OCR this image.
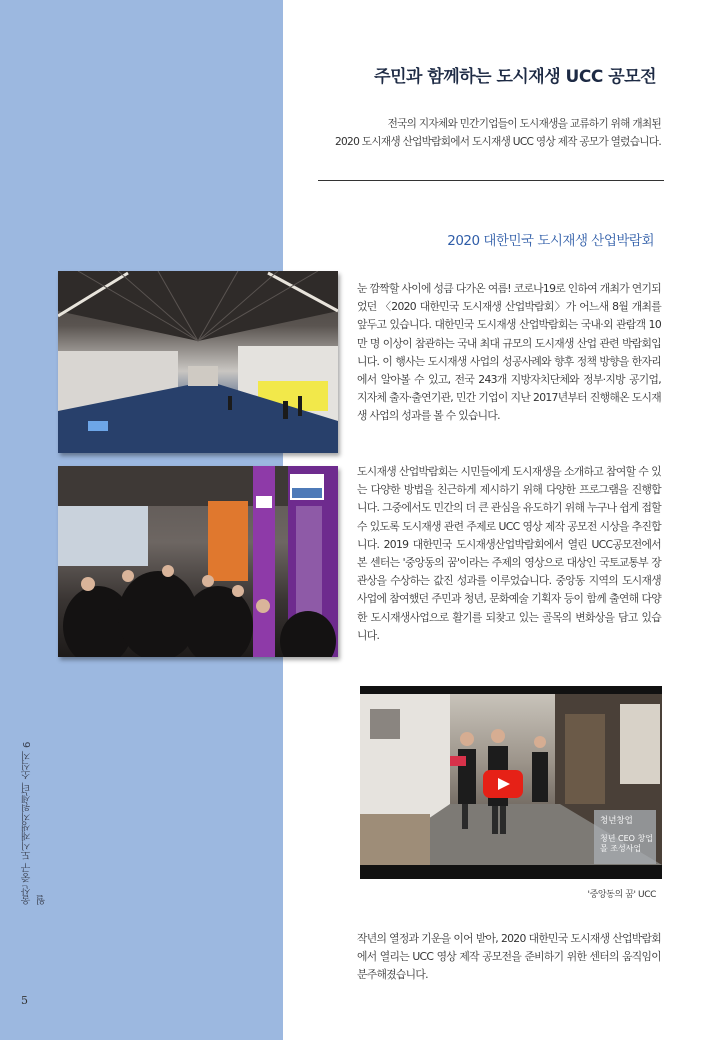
울산 중구 도시재생지원센터 소식지 6월
5
주민과 함께하는 도시재생 UCC 공모전
전국의 지자체와 민간기업들이 도시재생을 교류하기 위해 개최된
2020 도시재생 산업박람회에서 도시재생 UCC 영상 제작 공모가 열렸습니다.
2020 대한민국 도시재생 산업박람회
눈 깜짝할 사이에 성큼 다가온 여름! 코로나19로 인하여 개최가 연기되었던 〈2020 대한민국 도시재생 산업박람회〉가 어느새 8월 개최를 앞두고 있습니다. 대한민국 도시재생 산업박람회는 국내·외 관람객 10만 명 이상이 참관하는 국내 최대 규모의 도시재생 산업 관련 박람회입니다. 이 행사는 도시재생 사업의 성공사례와 향후 정책 방향을 한자리에서 알아볼 수 있고, 전국 243개 지방자치단체와 정부·지방 공기업, 지자체 출자·출연기관, 민간 기업이 지난 2017년부터 진행해온 도시재생 사업의 성과를 볼 수 있습니다.
도시재생 산업박람회는 시민들에게 도시재생을 소개하고 참여할 수 있는 다양한 방법을 친근하게 제시하기 위해 다양한 프로그램을 진행합니다. 그중에서도 민간의 더 큰 관심을 유도하기 위해 누구나 쉽게 접할 수 있도록 도시재생 관련 주제로 UCC 영상 제작 공모전 시상을 추진합니다. 2019 대한민국 도시재생산업박람회에서 열린 UCC공모전에서 본 센터는 '중앙동의 꿈'이라는 주제의 영상으로 대상인 국토교통부 장관상을 수상하는 값진 성과를 이루었습니다. 중앙동 지역의 도시재생 사업에 참여했던 주민과 청년, 문화예술 기획자 등이 함께 출연해 다양한 도시재생사업으로 활기를 되찾고 있는 골목의 변화상을 담고 있습니다.
청년창업
청년 CEO 창업몰 조성사업
'중앙동의 꿈' UCC
작년의 열정과 기운을 이어 받아, 2020 대한민국 도시재생 산업박람회에서 열리는 UCC 영상 제작 공모전을 준비하기 위한 센터의 움직임이 분주해졌습니다.
